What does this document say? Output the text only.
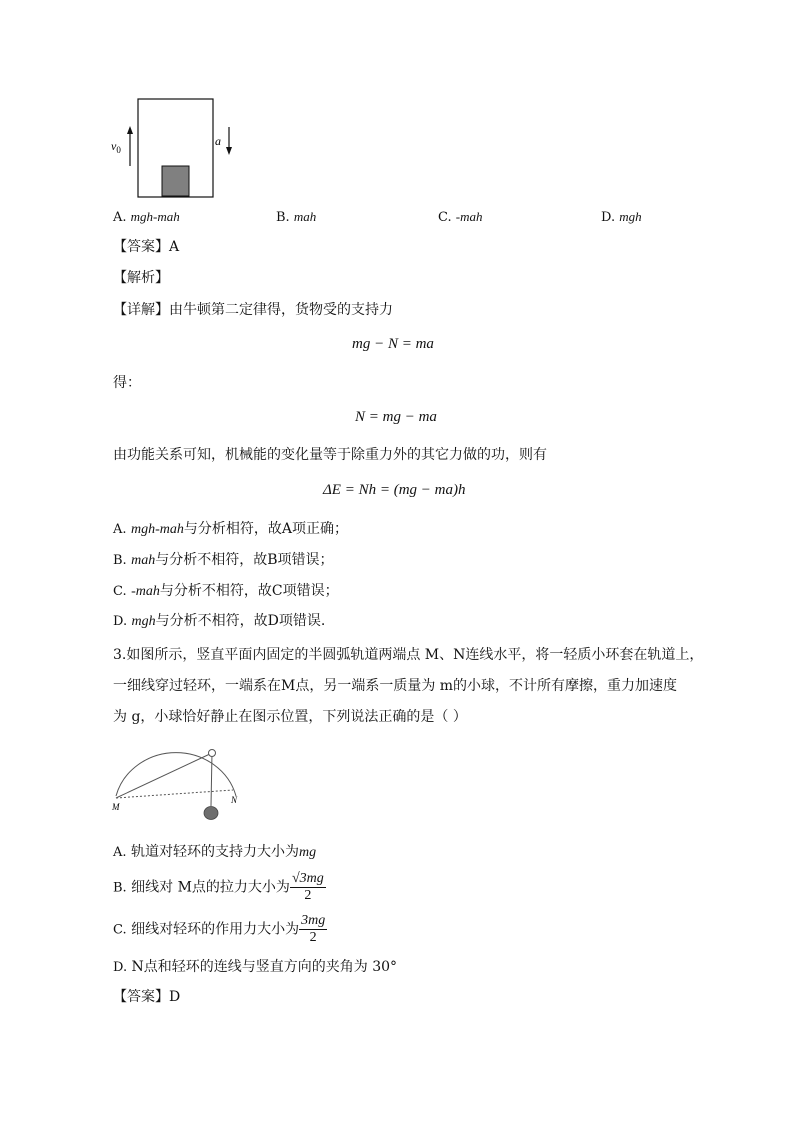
$v_0$
a
A. mgh-mah	B. mah	C. -mah	D. mgh
【答案】A
【解析】
【详解】由牛顿第二定律得，货物受的支持力
mg − N = ma
得：
N = mg − ma
由功能关系可知，机械能的变化量等于除重力外的其它力做的功，则有
ΔE = Nh = (mg − ma)h
A. mgh-mah与分析相符，故A项正确；
B. mah与分析不相符，故B项错误；
C. -mah与分析不相符，故C项错误；
D. mgh与分析不相符，故D项错误.
3.如图所示，竖直平面内固定的半圆弧轨道两端点 M、N连线水平，将一轻质小环套在轨道上，
一细线穿过轻环，一端系在M点，另一端系一质量为 m的小球，不计所有摩擦，重力加速度
为 g，小球恰好静止在图示位置，下列说法正确的是（ ）
M
N
A. 轨道对轻环的支持力大小为mg
B. 细线对 M点的拉力大小为 $\frac{√3mg}{2}$
C. 细线对轻环的作用力大小为 $\frac{3mg}{2}$
D. N点和轻环的连线与竖直方向的夹角为 30°
【答案】D
